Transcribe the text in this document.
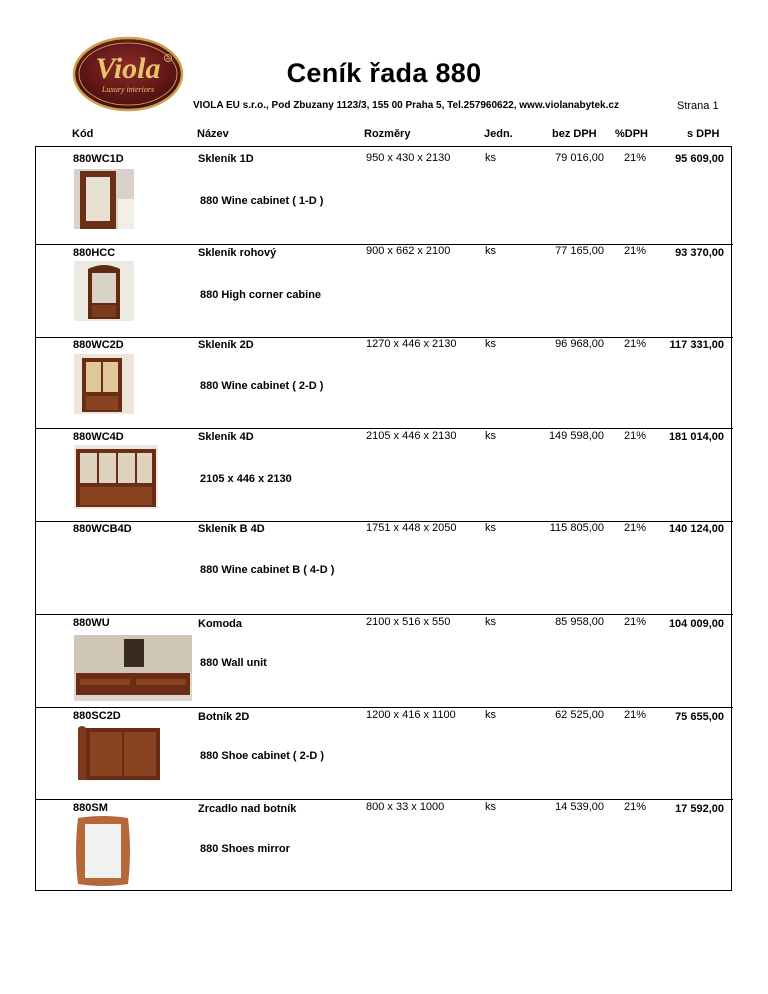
Viola
Luxury interiors
R	Ceník řada 880
VIOLA EU s.r.o., Pod Zbuzany 1123/3, 155 00 Praha 5, Tel.257960622, www.violanabytek.cz	Strana 1
Kód	Název	Rozměry	Jedn.	bez DPH %DPH	s DPH
880WC1D	Skleník 1D	950 x 430 x 2130	ks	79 016,00 21%	95 609,00
880 Wine cabinet ( 1-D )
880HCC	Skleník rohový	900 x 662 x 2100	ks	77 165,00 21%	93 370,00
880 High corner cabine
880WC2D	Skleník 2D	1270 x 446 x 2130	ks	96 968,00 21%	117 331,00
880 Wine cabinet ( 2-D )
880WC4D	Skleník 4D	2105 x 446 x 2130	ks	149 598,00 21%	181 014,00
2105 x 446 x 2130
880WCB4D	Skleník B 4D	1751 x 448 x 2050	ks	115 805,00 21%	140 124,00
880 Wine cabinet B ( 4-D )
880WU	Komoda	2100 x 516 x 550	ks	85 958,00 21%	104 009,00
880 Wall unit
880SC2D	Botník 2D	1200 x 416 x 1100	ks	62 525,00 21%	75 655,00
880 Shoe cabinet ( 2-D )
880SM	Zrcadlo nad botník	800 x 33 x 1000	ks	14 539,00 21%	17 592,00
880 Shoes mirror
